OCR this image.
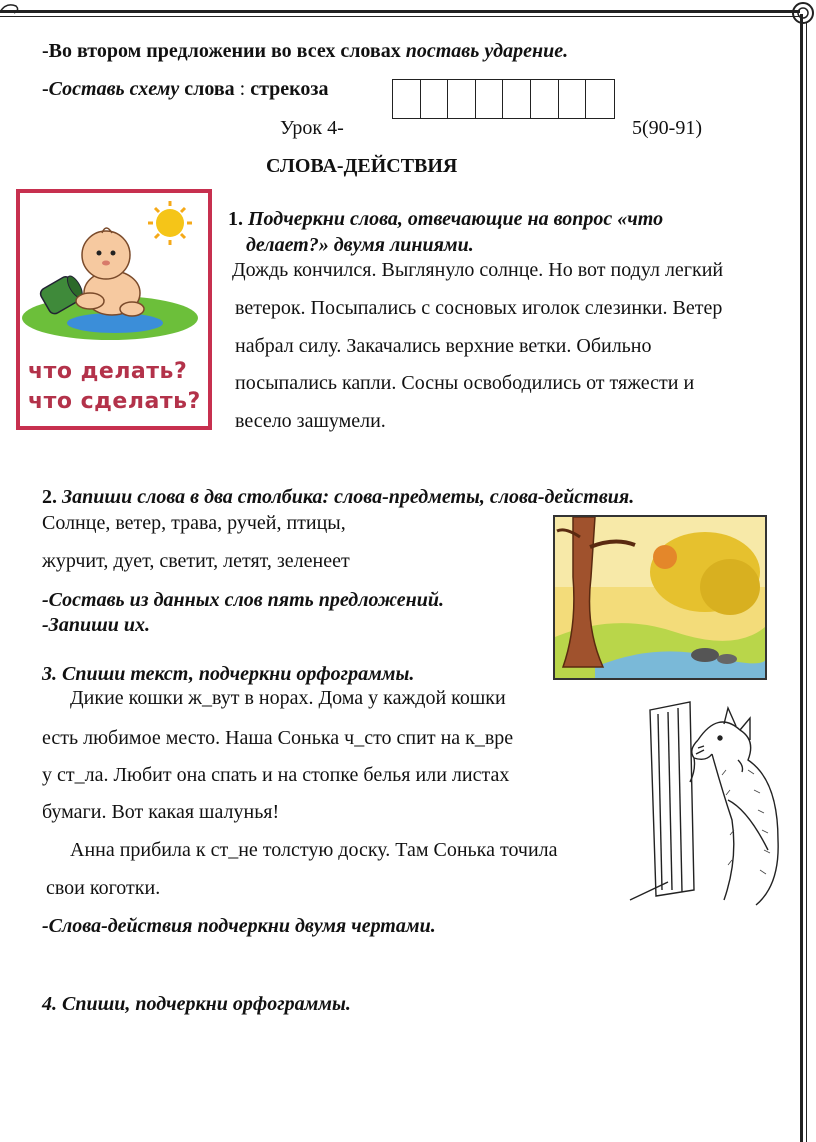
-Во втором предложении во всех словах поставь ударение.
-Составь схему слова : стрекоза
Урок 4-	5(90-91)
СЛОВА-ДЕЙСТВИЯ
что делать?
что сделать?
1. Подчеркни слова, отвечающие на вопрос «что
делает?» двумя линиями.
Дождь кончился. Выглянуло солнце. Но вот подул легкий
ветерок. Посыпались с сосновых иголок слезинки. Ветер
набрал силу. Закачались верхние ветки. Обильно
посыпались капли. Сосны освободились от тяжести и
весело зашумели.
2. Запиши слова в два столбика: слова-предметы, слова-действия.
Солнце, ветер, трава, ручей, птицы,
журчит, дует, светит, летят, зеленеет
-Составь из данных слов пять предложений.
-Запиши их.
3. Спиши текст, подчеркни орфограммы.
Дикие кошки ж_вут в норах. Дома у каждой кошки
есть любимое место. Наша Сонька ч_сто спит на к_вре
у ст_ла. Любит она спать и на стопке белья или листах
бумаги. Вот какая шалунья!
Анна прибила к ст_не толстую доску. Там Сонька точила
свои коготки.
-Слова-действия подчеркни двумя чертами.
4. Спиши, подчеркни орфограммы.
